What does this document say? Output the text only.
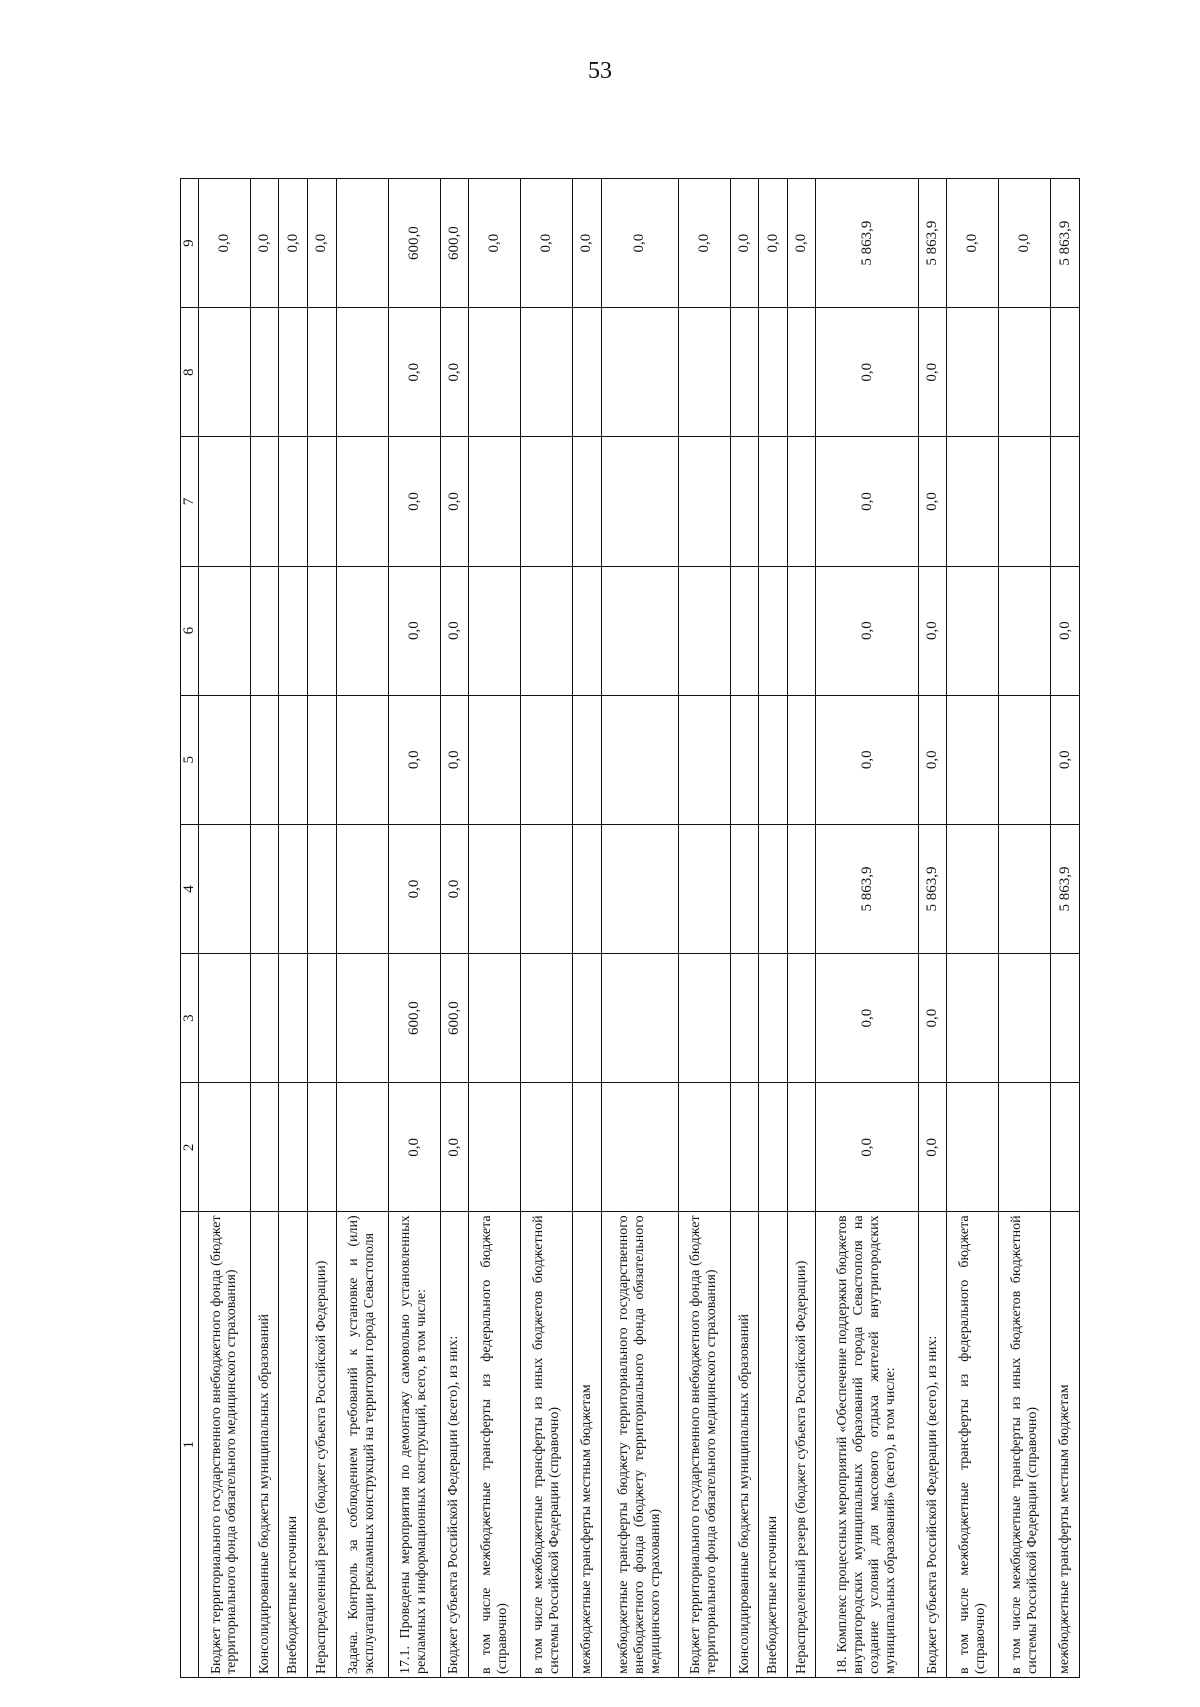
53
1	2	3	4	5	6	7	8	9
Бюджет территориального государственного внебюджетного фонда (бюджет территориального фонда обязательного медицинского страхования)								0,0
Консолидированные бюджеты муниципальных образований								0,0
Внебюджетные источники								0,0
Нераспределенный резерв (бюджет субъекта Российской Федерации)								0,0
Задача. Контроль за соблюдением требований к установке и (или) эксплуатации рекламных конструкций на территории города Севастополя								
17.1. Проведены мероприятия по демонтажу самовольно установленных рекламных и информационных конструкций, всего, в том числе:	0,0	600,0	0,0	0,0	0,0	0,0	0,0	600,0
Бюджет субъекта Российской Федерации (всего), из них:	0,0	600,0	0,0	0,0	0,0	0,0	0,0	600,0
в том числе межбюджетные трансферты из федерального бюджета (справочно)								0,0
в том числе межбюджетные трансферты из иных бюджетов бюджетной системы Российской Федерации (справочно)								0,0
межбюджетные трансферты местным бюджетам								0,0
межбюджетные трансферты бюджету территориального государственного внебюджетного фонда (бюджету территориального фонда обязательного медицинского страхования)								0,0
Бюджет территориального государственного внебюджетного фонда (бюджет территориального фонда обязательного медицинского страхования)								0,0
Консолидированные бюджеты муниципальных образований								0,0
Внебюджетные источники								0,0
Нераспределенный резерв (бюджет субъекта Российской Федерации)								0,0
18. Комплекс процессных мероприятий «Обеспечение поддержки бюджетов внутригородских муниципальных образований города Севастополя на создание условий для массового отдыха жителей внутригородских муниципальных образований» (всего), в том числе:	0,0	0,0	5 863,9	0,0	0,0	0,0	0,0	5 863,9
Бюджет субъекта Российской Федерации (всего), из них:	0,0	0,0	5 863,9	0,0	0,0	0,0	0,0	5 863,9
в том числе межбюджетные трансферты из федерального бюджета (справочно)								0,0
в том числе межбюджетные трансферты из иных бюджетов бюджетной системы Российской Федерации (справочно)								0,0
межбюджетные трансферты местным бюджетам			5 863,9	0,0	0,0			5 863,9
